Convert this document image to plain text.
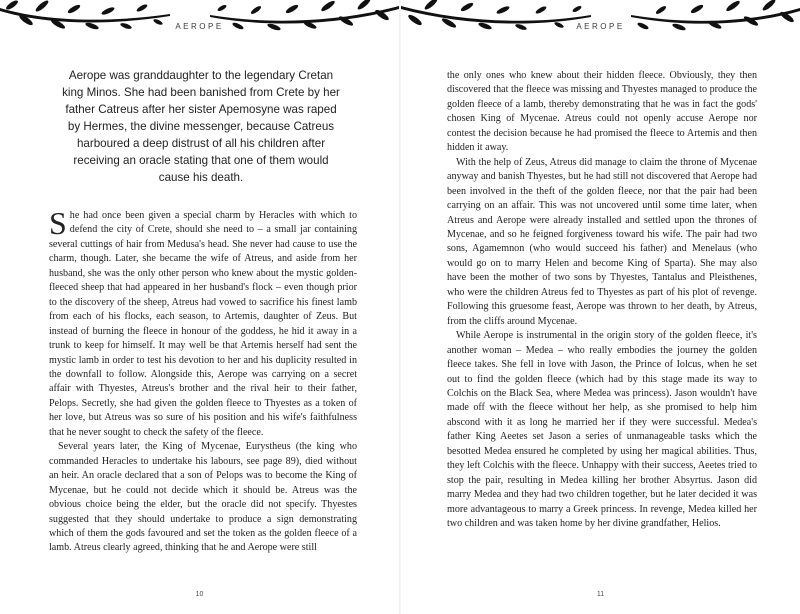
AEROPE
Aerope was granddaughter to the legendary Cretan king Minos. She had been banished from Crete by her father Catreus after her sister Apemosyne was raped by Hermes, the divine messenger, because Catreus harboured a deep distrust of all his children after receiving an oracle stating that one of them would cause his death.

She had once been given a special charm by Heracles with which to defend the city of Crete, should she need to – a small jar containing several cuttings of hair from Medusa's head. She never had cause to use the charm, though. Later, she became the wife of Atreus, and aside from her husband, she was the only other person who knew about the mystic golden-fleeced sheep that had appeared in her husband's flock – even though prior to the discovery of the sheep, Atreus had vowed to sacrifice his finest lamb from each of his flocks, each season, to Artemis, daughter of Zeus. But instead of burning the fleece in honour of the goddess, he hid it away in a trunk to keep for himself. It may well be that Artemis herself had sent the mystic lamb in order to test his devotion to her and his duplicity resulted in the downfall to follow. Alongside this, Aerope was carrying on a secret affair with Thyestes, Atreus's brother and the rival heir to their father, Pelops. Secretly, she had given the golden fleece to Thyestes as a token of her love, but Atreus was so sure of his position and his wife's faithfulness that he never sought to check the safety of the fleece.

Several years later, the King of Mycenae, Eurystheus (the king who commanded Heracles to undertake his labours, see page 89), died without an heir. An oracle declared that a son of Pelops was to become the King of Mycenae, but he could not decide which it should be. Atreus was the obvious choice being the elder, but the oracle did not specify. Thyestes suggested that they should undertake to produce a sign demonstrating which of them the gods favoured and set the token as the golden fleece of a lamb. Atreus clearly agreed, thinking that he and Aerope were still

10
AEROPE

the only ones who knew about their hidden fleece. Obviously, they then discovered that the fleece was missing and Thyestes managed to produce the golden fleece of a lamb, thereby demonstrating that he was in fact the gods' chosen King of Mycenae. Atreus could not openly accuse Aerope nor contest the decision because he had promised the fleece to Artemis and then hidden it away.

With the help of Zeus, Atreus did manage to claim the throne of Mycenae anyway and banish Thyestes, but he had still not discovered that Aerope had been involved in the theft of the golden fleece, nor that the pair had been carrying on an affair. This was not uncovered until some time later, when Atreus and Aerope were already installed and settled upon the thrones of Mycenae, and so he feigned forgiveness toward his wife. The pair had two sons, Agamemnon (who would succeed his father) and Menelaus (who would go on to marry Helen and become King of Sparta). She may also have been the mother of two sons by Thyestes, Tantalus and Pleisthenes, who were the children Atreus fed to Thyestes as part of his plot of revenge. Following this gruesome feast, Aerope was thrown to her death, by Atreus, from the cliffs around Mycenae.

While Aerope is instrumental in the origin story of the golden fleece, it's another woman – Medea – who really embodies the journey the golden fleece takes. She fell in love with Jason, the Prince of Iolcus, when he set out to find the golden fleece (which had by this stage made its way to Colchis on the Black Sea, where Medea was princess). Jason wouldn't have made off with the fleece without her help, as she promised to help him abscond with it as long he married her if they were successful. Medea's father King Aeetes set Jason a series of unmanageable tasks which the besotted Medea ensured he completed by using her magical abilities. Thus, they left Colchis with the fleece. Unhappy with their success, Aeetes tried to stop the pair, resulting in Medea killing her brother Absyrtus. Jason did marry Medea and they had two children together, but he later decided it was more advantageous to marry a Greek princess. In revenge, Medea killed her two children and was taken home by her divine grandfather, Helios.

11
